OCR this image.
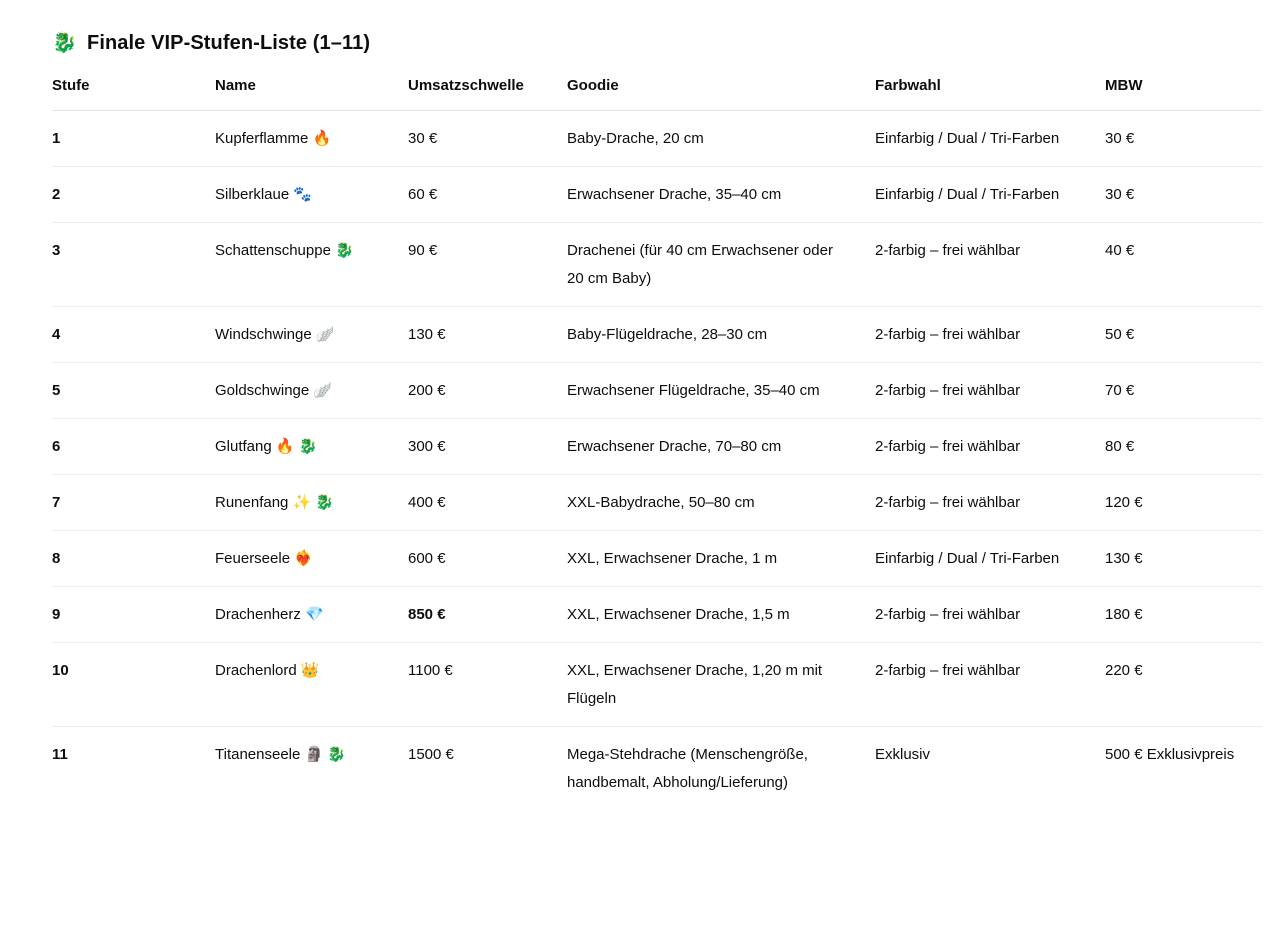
🐉 Finale VIP-Stufen-Liste (1–11)
Stufe	Name	Umsatzschwelle	Goodie	Farbwahl	MBW
1	Kupferflamme 🔥	30 €	Baby-Drache, 20 cm	Einfarbig / Dual / Tri-Farben	30 €
2	Silberklaue 🐾	60 €	Erwachsener Drache, 35–40 cm	Einfarbig / Dual / Tri-Farben	30 €
3	Schattenschuppe 🐉	90 €	Drachenei (für 40 cm Erwachsener oder 20 cm Baby)	2-farbig – frei wählbar	40 €
4	Windschwinge 🪽	130 €	Baby-Flügeldrache, 28–30 cm	2-farbig – frei wählbar	50 €
5	Goldschwinge 🪽	200 €	Erwachsener Flügeldrache, 35–40 cm	2-farbig – frei wählbar	70 €
6	Glutfang 🔥 🐉	300 €	Erwachsener Drache, 70–80 cm	2-farbig – frei wählbar	80 €
7	Runenfang ✨ 🐉	400 €	XXL-Babydrache, 50–80 cm	2-farbig – frei wählbar	120 €
8	Feuerseele ❤️‍🔥	600 €	XXL, Erwachsener Drache, 1 m	Einfarbig / Dual / Tri-Farben	130 €
9	Drachenherz 💎	850 €	XXL, Erwachsener Drache, 1,5 m	2-farbig – frei wählbar	180 €
10	Drachenlord 👑	1100 €	XXL, Erwachsener Drache, 1,20 m mit Flügeln	2-farbig – frei wählbar	220 €
11	Titanenseele 🗿 🐉	1500 €	Mega-Stehdrache (Menschengröße, handbemalt, Abholung/Lieferung)	Exklusiv	500 € Exklusivpreis
